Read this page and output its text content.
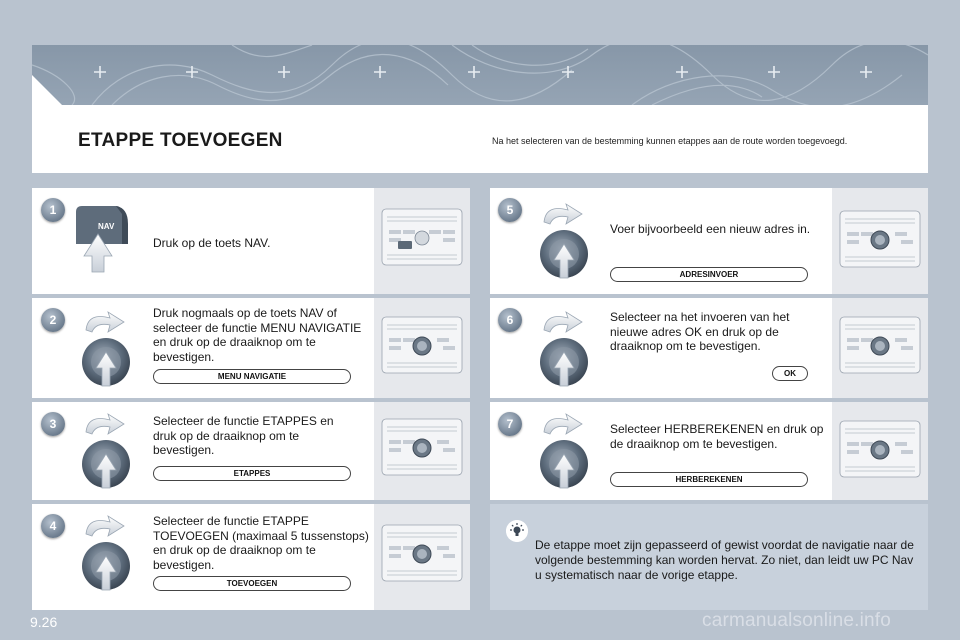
ETAPPE TOEVOEGEN	Na het selecteren van de bestemming kunnen etappes aan de route worden toegevoegd.
1
2
3
4
5
6
7
NAV
Druk op de toets NAV.
Druk nogmaals op de toets NAV of selecteer de functie MENU NAVIGATIE en druk op de draaiknop om te bevestigen.
Selecteer de functie ETAPPES en druk op de draaiknop om te bevestigen.
Selecteer de functie ETAPPE TOEVOEGEN (maximaal 5 tussenstops) en druk op de draaiknop om te bevestigen.
Voer bijvoorbeeld een nieuw adres in.
Selecteer na het invoeren van het nieuwe adres OK en druk op de draaiknop om te bevestigen.
Selecteer HERBEREKENEN en druk op de draaiknop om te bevestigen.
MENU NAVIGATIE
ETAPPES
TOEVOEGEN
ADRESINVOER
OK
HERBEREKENEN
De etappe moet zijn gepasseerd of gewist voordat de navigatie naar de volgende bestemming kan worden hervat. Zo niet, dan leidt uw PC Nav u systematisch naar de vorige etappe.
9.26	carmanualsonline.info
